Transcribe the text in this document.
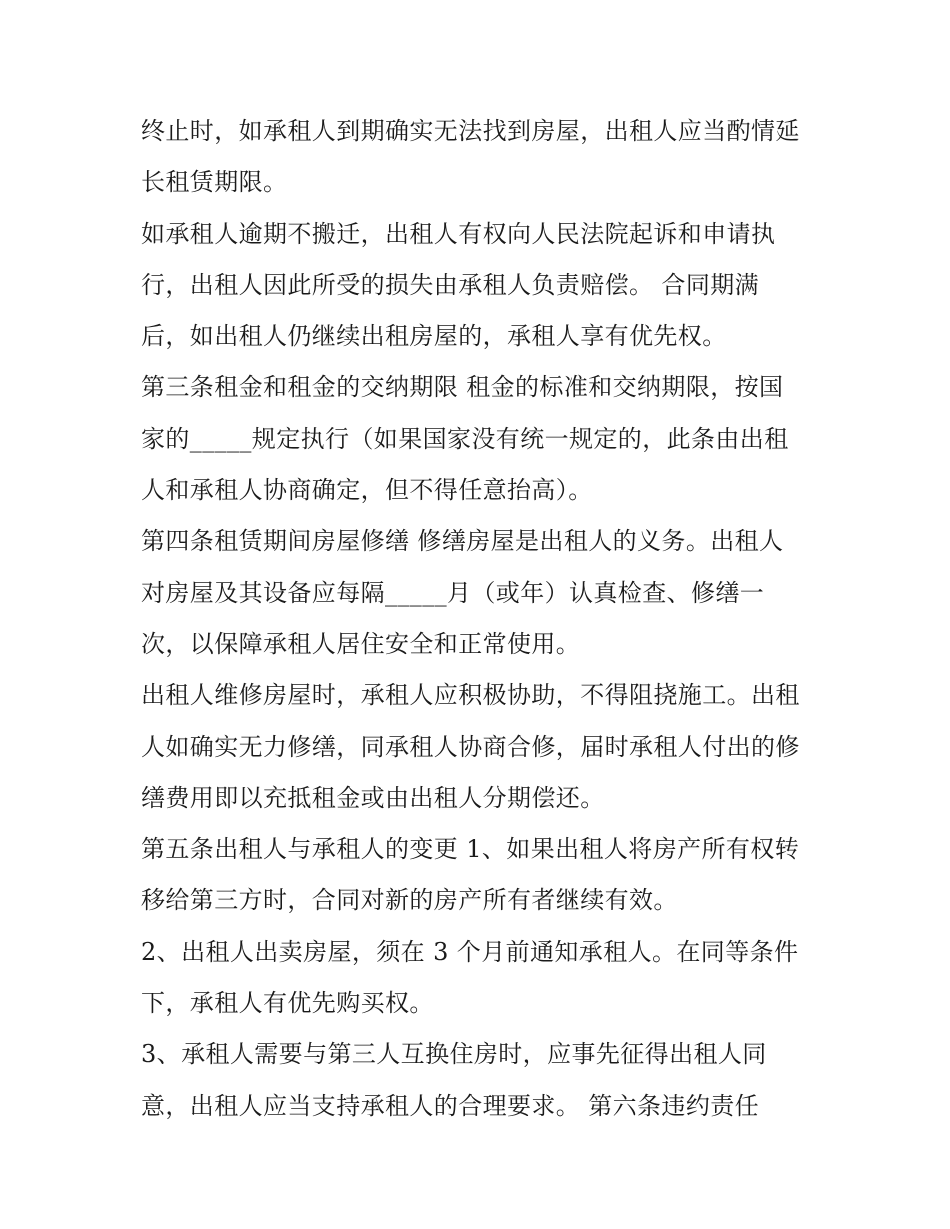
终止时，如承租人到期确实无法找到房屋，出租人应当酌情延
长租赁期限。
如承租人逾期不搬迁，出租人有权向人民法院起诉和申请执
行，出租人因此所受的损失由承租人负责赔偿。 合同期满
后，如出租人仍继续出租房屋的，承租人享有优先权。
第三条租金和租金的交纳期限 租金的标准和交纳期限，按国
家的_____规定执行（如果国家没有统一规定的，此条由出租
人和承租人协商确定，但不得任意抬高）。
第四条租赁期间房屋修缮 修缮房屋是出租人的义务。出租人
对房屋及其设备应每隔_____月（或年）认真检查、修缮一
次，以保障承租人居住安全和正常使用。
出租人维修房屋时，承租人应积极协助，不得阻挠施工。出租
人如确实无力修缮，同承租人协商合修，届时承租人付出的修
缮费用即以充抵租金或由出租人分期偿还。
第五条出租人与承租人的变更 1、如果出租人将房产所有权转
移给第三方时，合同对新的房产所有者继续有效。
2、出租人出卖房屋，须在 3 个月前通知承租人。在同等条件
下，承租人有优先购买权。
3、承租人需要与第三人互换住房时，应事先征得出租人同
意，出租人应当支持承租人的合理要求。 第六条违约责任
